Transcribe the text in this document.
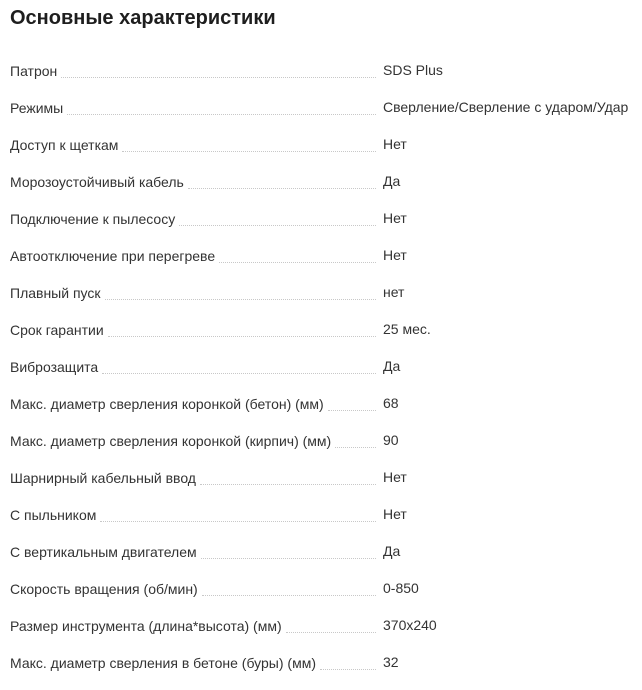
Основные характеристики
Патрон	SDS Plus
Режимы	Сверление/Сверление с ударом/Удар
Доступ к щеткам	Нет
Морозоустойчивый кабель	Да
Подключение к пылесосу	Нет
Автоотключение при перегреве	Нет
Плавный пуск	нет
Срок гарантии	25 мес.
Виброзащита	Да
Макс. диаметр сверления коронкой (бетон) (мм)	68
Макс. диаметр сверления коронкой (кирпич) (мм)	90
Шарнирный кабельный ввод	Нет
С пыльником	Нет
С вертикальным двигателем	Да
Скорость вращения (об/мин)	0-850
Размер инструмента (длина*высота) (мм)	370x240
Макс. диаметр сверления в бетоне (буры) (мм)	32
